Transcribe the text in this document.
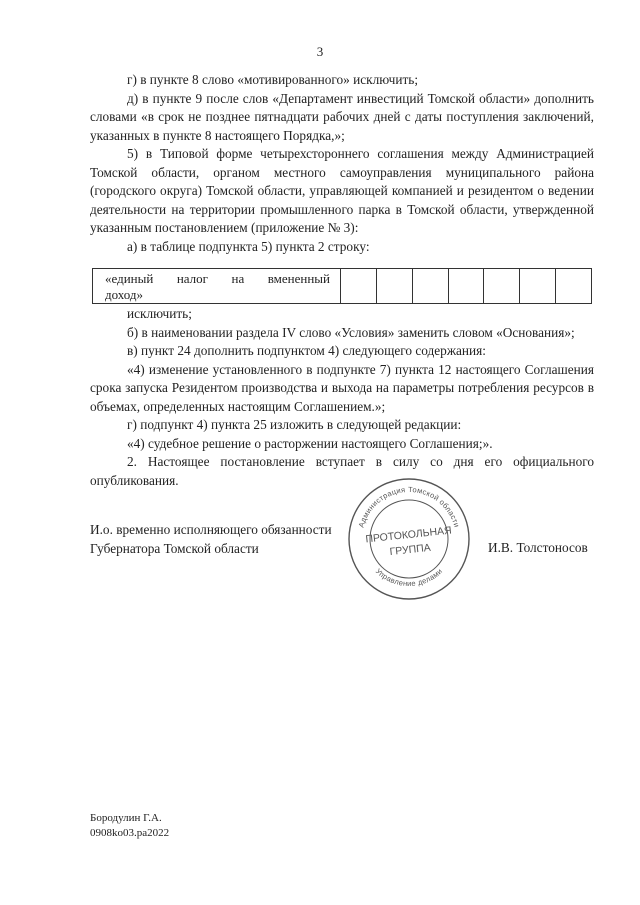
3

г) в пункте 8 слово «мотивированного» исключить;

д) в пункте 9 после слов «Департамент инвестиций Томской области» дополнить словами «в срок не позднее пятнадцати рабочих дней с даты поступления заключений, указанных в пункте 8 настоящего Порядка,»;

5) в Типовой форме четырехстороннего соглашения между Администрацией Томской области, органом местного самоуправления муниципального района (городского округа) Томской области, управляющей компанией и резидентом о ведении деятельности на территории промышленного парка в Томской области, утвержденной указанным постановлением (приложение № 3):

а) в таблице подпункта 5) пункта 2 строку:

«единый налог на вмененный
доход»

исключить;

б) в наименовании раздела IV слово «Условия» заменить словом «Основания»;

в) пункт 24 дополнить подпунктом 4) следующего содержания:

«4) изменение установленного в подпункте 7) пункта 12 настоящего Соглашения срока запуска Резидентом производства и выхода на параметры потребления ресурсов в объемах, определенных настоящим Соглашением.»;

г) подпункт 4) пункта 25 изложить в следующей редакции:

«4) судебное решение о расторжении настоящего Соглашения;».

2. Настоящее постановление вступает в силу со дня его официального опубликования.

И.о. временно исполняющего обязанности
Губернатора Томской области	И.В. Толстоносов
Администрация Томской области
Управление делами
ПРОТОКОЛЬНАЯ
ГРУППА
Бородулин Г.А.
0908ko03.pa2022
